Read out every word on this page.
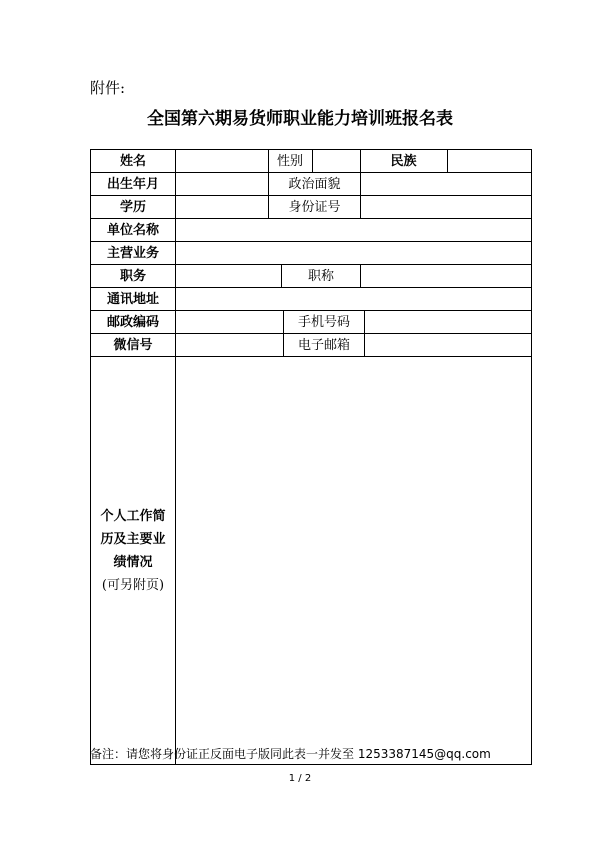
附件:
全国第六期易货师职业能力培训班报名表
姓名	性别	民族
出生年月	政治面貌
学历	身份证号
单位名称
主营业务
职务	职称
通讯地址
邮政编码	手机号码
微信号	电子邮箱
个人工作简
历及主要业
绩情况
(可另附页)
备注：请您将身份证正反面电子版同此表一并发至 1253387145@qq.com
1 / 2
